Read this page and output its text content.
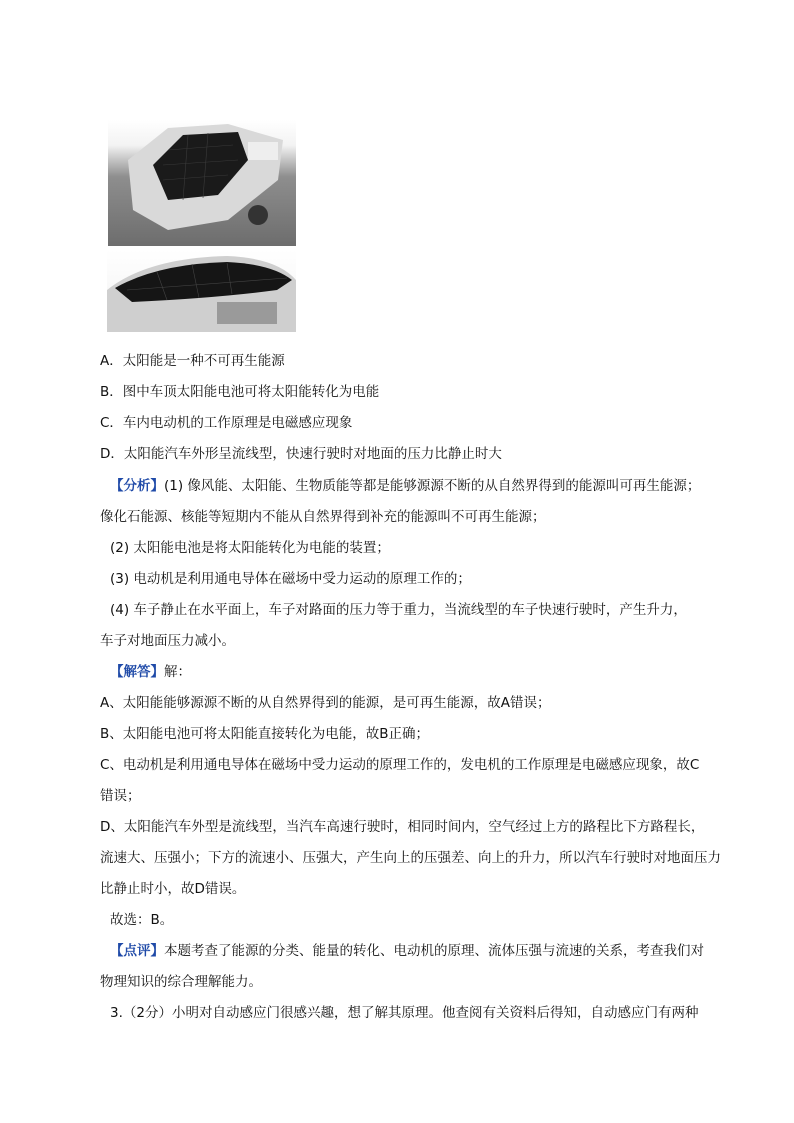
A．太阳能是一种不可再生能源
B．图中车顶太阳能电池可将太阳能转化为电能
C．车内电动机的工作原理是电磁感应现象
D．太阳能汽车外形呈流线型，快速行驶时对地面的压力比静止时大
【分析】(1) 像风能、太阳能、生物质能等都是能够源源不断的从自然界得到的能源叫可再生能源；
像化石能源、核能等短期内不能从自然界得到补充的能源叫不可再生能源；
(2) 太阳能电池是将太阳能转化为电能的装置；
(3) 电动机是利用通电导体在磁场中受力运动的原理工作的；
(4) 车子静止在水平面上，车子对路面的压力等于重力，当流线型的车子快速行驶时，产生升力，
车子对地面压力减小。
【解答】解：
A、太阳能能够源源不断的从自然界得到的能源，是可再生能源，故A错误；
B、太阳能电池可将太阳能直接转化为电能，故B正确；
C、电动机是利用通电导体在磁场中受力运动的原理工作的，发电机的工作原理是电磁感应现象，故C
错误；
D、太阳能汽车外型是流线型，当汽车高速行驶时，相同时间内，空气经过上方的路程比下方路程长，
流速大、压强小；下方的流速小、压强大，产生向上的压强差、向上的升力，所以汽车行驶时对地面压力
比静止时小，故D错误。
故选：B。
【点评】本题考查了能源的分类、能量的转化、电动机的原理、流体压强与流速的关系，考查我们对
物理知识的综合理解能力。
3.（2分）小明对自动感应门很感兴趣，想了解其原理。他查阅有关资料后得知，自动感应门有两种
